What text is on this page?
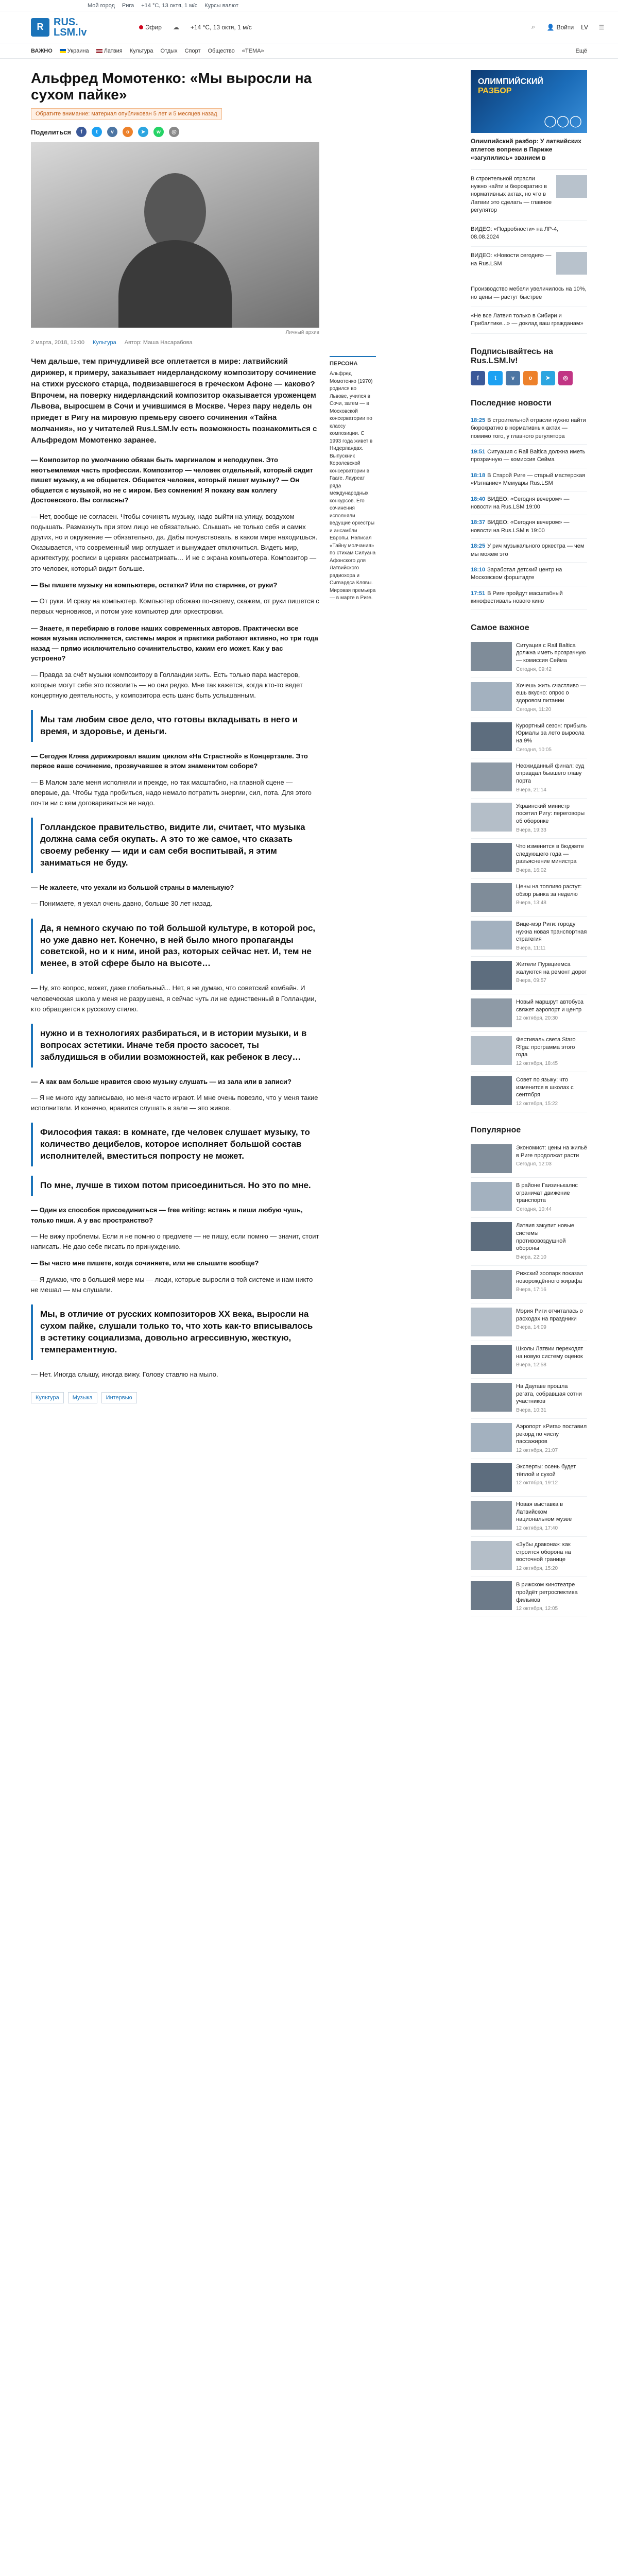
Мой город Рига +14 °C, 13 октя, 1 м/с Курсы валют
R RUS.
LSM.lv	Эфир	☁	+14 °C, 13 октя, 1 м/с	⌕	👤 Войти LV	☰
ВАЖНО	Украина	Латвия Культура Отдых Спорт Общество «ТЕМА»	Ещё
Альфред Момотенко: «Мы выросли на сухом пайке»
Обратите внимание: материал опубликован 5 лет и 5 месяцев назад
Поделиться	f	t	v	o	➤	w	@
Личный архив
2 марта, 2018, 12:00 Культура Автор: Маша Насарабова

Чем дальше, тем причудливей все оплетается в мире: латвийский дирижер, к примеру, заказывает нидерландскому композитору сочинение на стихи русского старца, подвизавшегося в греческом Афоне — каково? Впрочем, на поверку нидерландский композитор оказывается уроженцем Львова, выросшем в Сочи и учившимся в Москве. Через пару недель он приедет в Ригу на мировую премьеру своего сочинения «Тайна молчания», но у читателей Rus.LSM.lv есть возможность познакомиться с Альфредом Момотенко заранее.

— Композитор по умолчанию обязан быть маргиналом и неподкупен. Это неотъемлемая часть профессии. Композитор — человек отдельный, который сидит пишет музыку, а не общается. Общается человек, который пишет музыку? — Он общается с музыкой, но не с миром. Без сомнения! Я покажу вам коллегу Достоевского. Вы согласны?

— Нет, вообще не согласен. Чтобы сочинять музыку, надо выйти на улицу, воздухом подышать. Размахнуть при этом лицо не обязательно. Слышать не только себя и самих других, но и окружение — обязательно, да. Дабы почувствовать, в каком мире находишься. Оказывается, что современный мир оглушает и вынуждает отключиться. Видеть мир, архитектуру, росписи в церквях рассматривать… И не с экрана компьютера. Композитор — это человек, который видит больше.

— Вы пишете музыку на компьютере, остатки? Или по старинке, от руки?

— От руки. И сразу на компьютер. Компьютер обожаю по-своему, скажем, от руки пишется с первых черновиков, и потом уже компьютер для оркестровки.

— Знаете, я перебираю в голове наших современных авторов. Практически все новая музыка исполняется, системы марок и практики работают активно, но три года назад — прямо исключительно сочинительство, каким его может. Как у вас устроено?

— Правда за счёт музыки композитору в Голландии жить. Есть только пара мастеров, которые могут себе это позволить — но они редко. Мне так кажется, когда кто-то ведет концертную деятельность, у композитора есть шанс быть услышанным.

Мы там любим свое дело, что готовы вкладывать в него и время, и здоровье, и деньги.

— Сегодня Клява дирижировал вашим циклом «На Страстной» в Концертзале. Это первое ваше сочинение, прозвучавшее в этом знаменитом соборе?

— В Малом зале меня исполняли и прежде, но так масштабно, на главной сцене — впервые, да. Чтобы туда пробиться, надо немало потратить энергии, сил, пота. Для этого почти ни с кем договариваться не надо.

Голландское правительство, видите ли, считает, что музыка должна сама себя окупать. А это то же самое, что сказать своему ребенку — иди и сам себя воспитывай, я этим заниматься не буду.

— Не жалеете, что уехали из большой страны в маленькую?

— Понимаете, я уехал очень давно, больше 30 лет назад.

Да, я немного скучаю по той большой культуре, в которой рос, но уже давно нет. Конечно, в ней было много пропаганды советской, но и к ним, иной раз, которых сейчас нет. И, тем не менее, в этой сфере было на высоте…

— Ну, это вопрос, может, даже глобальный... Нет, я не думаю, что советский комбайн. И человеческая школа у меня не разрушена, я сейчас чуть ли не единственный в Голландии, кто обращается к русскому стилю.

нужно и в технологиях разбираться, и в истории музыки, и в вопросах эстетики. Иначе тебя просто засосет, ты заблудишься в обилии возможностей, как ребенок в лесу…

— А как вам больше нравится свою музыку слушать — из зала или в записи?

— Я не много иду записываю, но меня часто играют. И мне очень повезло, что у меня такие исполнители. И конечно, нравится слушать в зале — это живое.

Философия такая: в комнате, где человек слушает музыку, то количество децибелов, которое исполняет большой состав исполнителей, вместиться попросту не может.
По мне, лучше в тихом потом присоединиться. Но это по мне.

— Один из способов присоединиться — free writing: встань и пиши любую чушь, только пиши. А у вас пространство?

— Не вижу проблемы. Если я не помню о предмете — не пишу, если помню — значит, стоит написать. Не даю себе писать по принуждению.

— Вы часто мне пишете, когда сочиняете, или не слышите вообще?

— Я думаю, что в большей мере мы — люди, которые выросли в той системе и нам никто не мешал — мы слушали.

Мы, в отличие от русских композиторов XX века, выросли на сухом пайке, слушали только то, что хоть как-то вписывалось в эстетику социализма, довольно агрессивную, жесткую, темпераментную.

— Нет. Иногда слышу, иногда вижу. Голову ставлю на мыло.

Культура	Музыка	Интервью
ПЕРСОНА
Альфред Момотенко (1970) родился во Львове, учился в Сочи, затем — в Московской консерватории по классу композиции. С 1993 года живет в Нидерландах. Выпускник Королевской консерватории в Гааге. Лауреат ряда международных конкурсов. Его сочинения исполняли ведущие оркестры и ансамбли Европы. Написал «Тайну молчания» по стихам Силуана Афонского для Латвийского радиохора и Сигвардса Клявы. Мировая премьера — в марте в Риге.
ОЛИМПИЙСКИЙ
РАЗБОР
◯◯◯
Олимпийский разбор: У латвийских атлетов вопреки в Париже «загулились» званием в
В строительной отрасли нужно найти и бюрократию в нормативных актах, но что в Латвии это сделать — главное регулятор
ВИДЕО: «Подробности» на ЛР-4, 08.08.2024
ВИДЕО: «Новости сегодня» — на Rus.LSM
Производство мебели увеличилось на 10%, но цены — растут быстрее
«Не все Латвия только в Сибири и Прибалтике...» — доклад ваш гражданам»
Подписывайтесь на Rus.LSM.lv!
f	t	v	o	➤	◎
Последние новости
18:25 В строительной отрасли нужно найти бюрократию в нормативных актах — помимо того, у главного регулятора
19:51 Ситуация с Rail Baltica должна иметь прозрачную — комиссия Сейма
18:18 В Старой Риге — старый мастерская «Изгнание» Мемуары Rus.LSM
18:40 ВИДЕО: «Сегодня вечером» — новости на Rus.LSM 19:00
18:37 ВИДЕО: «Сегодня вечером» — новости на Rus.LSM в 19:00
18:25 У рич музыкального оркестра — чем мы можем это
18:10 Заработал детский центр на Московском форштадте
17:51 В Риге пройдут масштабный кинофестиваль нового кино
Самое важное
Ситуация с Rail Baltica должна иметь прозрачную — комиссия Сейма
Сегодня, 09:42
Хочешь жить счастливо — ешь вкусно: опрос о здоровом питании
Сегодня, 11:20
Курортный сезон: прибыль Юрмалы за лето выросла на 9%
Сегодня, 10:05
Неожиданный финал: суд оправдал бывшего главу порта
Вчера, 21:14
Украинский министр посетил Ригу: переговоры об оборонке
Вчера, 19:33
Что изменится в бюджете следующего года — разъяснение министра
Вчера, 16:02
Цены на топливо растут: обзор рынка за неделю
Вчера, 13:48
Вице-мэр Риги: городу нужна новая транспортная стратегия
Вчера, 11:11
Жители Пурвциемса жалуются на ремонт дорог
Вчера, 09:57
Новый маршрут автобуса свяжет аэропорт и центр
12 октября, 20:30
Фестиваль света Staro Rīga: программа этого года
12 октября, 18:45
Совет по языку: что изменится в школах с сентября
12 октября, 15:22
Популярное
Экономист: цены на жильё в Риге продолжат расти
Сегодня, 12:03
В районе Гаизинькалнс ограничат движение транспорта
Сегодня, 10:44
Латвия закупит новые системы противовоздушной обороны
Вчера, 22:10
Рижский зоопарк показал новорождённого жирафа
Вчера, 17:16
Мэрия Риги отчиталась о расходах на праздники
Вчера, 14:09
Школы Латвии переходят на новую систему оценок
Вчера, 12:58
На Даугаве прошла регата, собравшая сотни участников
Вчера, 10:31
Аэропорт «Рига» поставил рекорд по числу пассажиров
12 октября, 21:07
Эксперты: осень будет тёплой и сухой
12 октября, 19:12
Новая выставка в Латвийском национальном музее
12 октября, 17:40
«Зубы дракона»: как строится оборона на восточной границе
12 октября, 15:20
В рижском кинотеатре пройдёт ретроспектива фильмов
12 октября, 12:05
